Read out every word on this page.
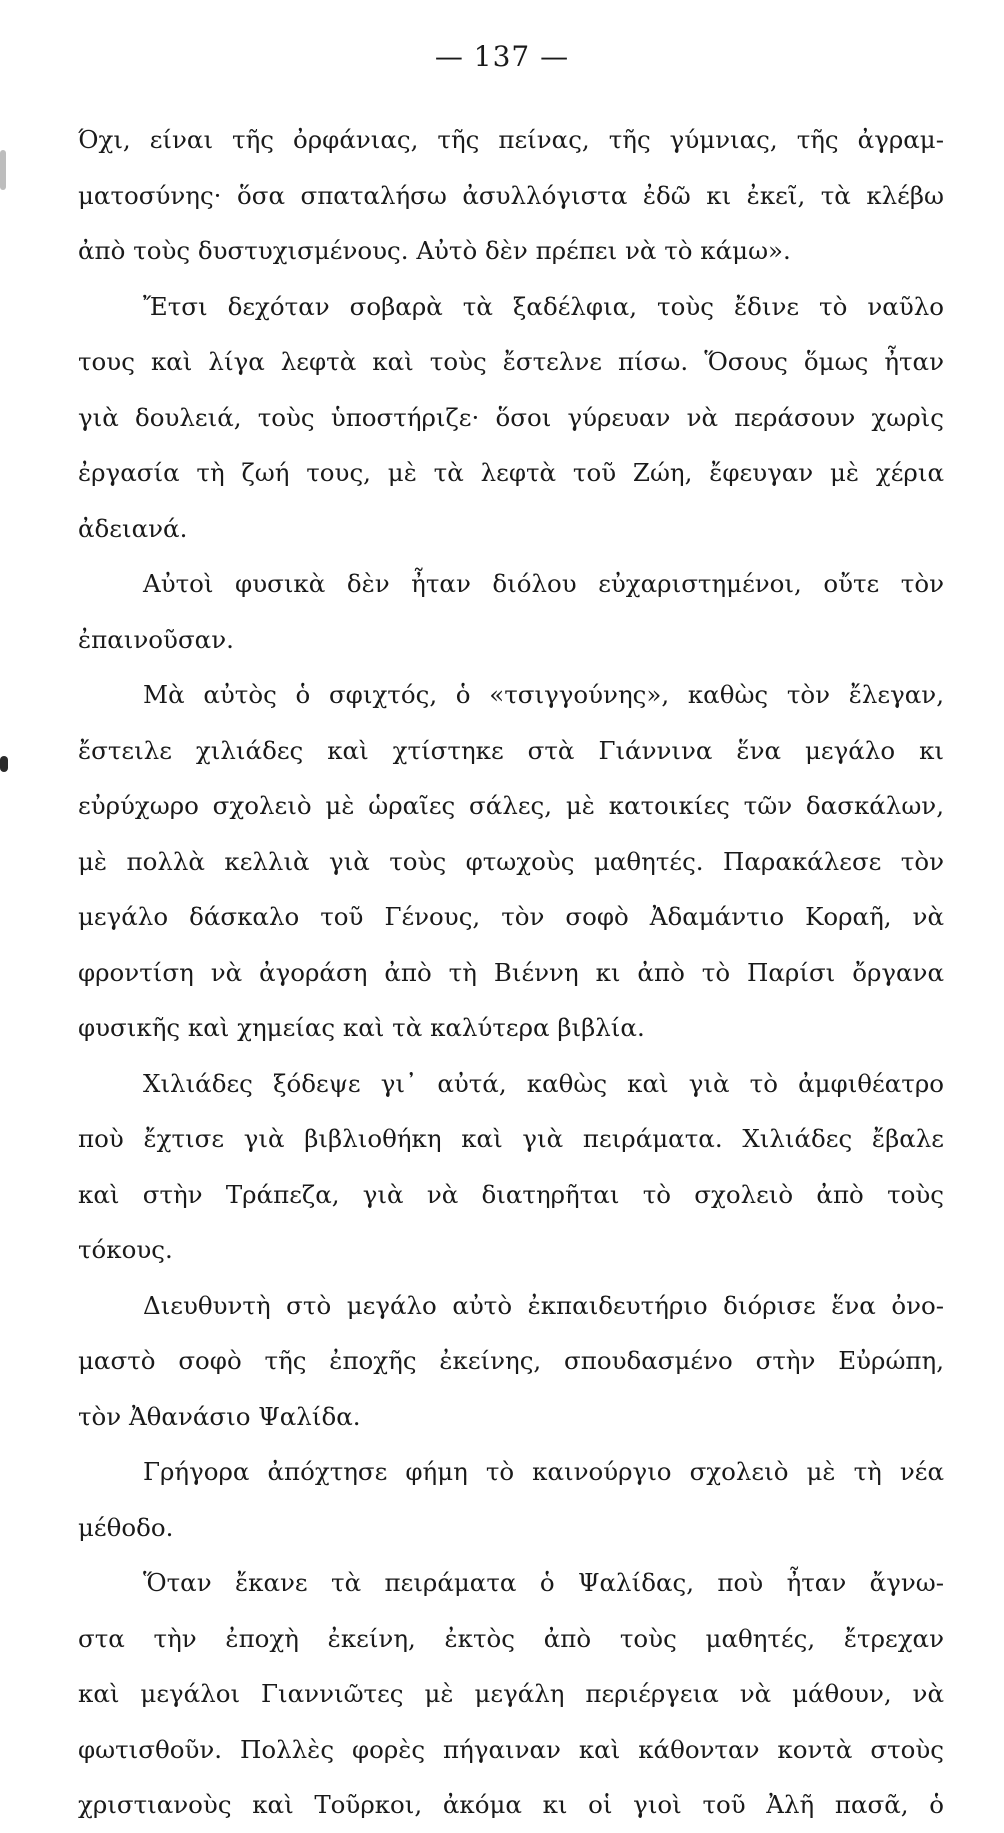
— 137 —
Όχι, είναι τῆς ὀρφάνιας, τῆς πείνας, τῆς γύμνιας, τῆς ἀγραμ-
ματοσύνης· ὅσα σπαταλήσω ἀσυλλόγιστα ἐδῶ κι ἐκεῖ, τὰ κλέβω
ἀπὸ τοὺς δυστυχισμένους. Αὐτὸ δὲν πρέπει νὰ τὸ κάμω».
Ἔτσι δεχόταν σοβαρὰ τὰ ξαδέλφια, τοὺς ἔδινε τὸ ναῦλο
τους καὶ λίγα λεφτὰ καὶ τοὺς ἔστελνε πίσω. Ὅσους ὅμως ἦταν
γιὰ δουλειά, τοὺς ὑποστήριζε· ὅσοι γύρευαν νὰ περάσουν χωρὶς
ἐργασία τὴ ζωή τους, μὲ τὰ λεφτὰ τοῦ Ζώη, ἔφευγαν μὲ χέρια
ἀδειανά.
Αὐτοὶ φυσικὰ δὲν ἦταν διόλου εὐχαριστημένοι, οὔτε τὸν
ἐπαινοῦσαν.
Μὰ αὐτὸς ὁ σφιχτός, ὁ «τσιγγούνης», καθὼς τὸν ἔλεγαν,
ἔστειλε χιλιάδες καὶ χτίστηκε στὰ Γιάννινα ἕνα μεγάλο κι
εὐρύχωρο σχολειὸ μὲ ὡραῖες σάλες, μὲ κατοικίες τῶν δασκάλων,
μὲ πολλὰ κελλιὰ γιὰ τοὺς φτωχοὺς μαθητές. Παρακάλεσε τὸν
μεγάλο δάσκαλο τοῦ Γένους, τὸν σοφὸ Ἀδαμάντιο Κοραῆ, νὰ
φροντίση νὰ ἀγοράση ἀπὸ τὴ Βιέννη κι ἀπὸ τὸ Παρίσι ὄργανα
φυσικῆς καὶ χημείας καὶ τὰ καλύτερα βιβλία.
Χιλιάδες ξόδεψε γι᾽ αὐτά, καθὼς καὶ γιὰ τὸ ἀμφιθέατρο
ποὺ ἔχτισε γιὰ βιβλιοθήκη καὶ γιὰ πειράματα. Χιλιάδες ἔβαλε
καὶ στὴν Τράπεζα, γιὰ νὰ διατηρῆται τὸ σχολειὸ ἀπὸ τοὺς
τόκους.
Διευθυντὴ στὸ μεγάλο αὐτὸ ἐκπαιδευτήριο διόρισε ἕνα ὀνο-
μαστὸ σοφὸ τῆς ἐποχῆς ἐκείνης, σπουδασμένο στὴν Εὐρώπη,
τὸν Ἀθανάσιο Ψαλίδα.
Γρήγορα ἀπόχτησε φήμη τὸ καινούργιο σχολειὸ μὲ τὴ νέα
μέθοδο.
Ὅταν ἔκανε τὰ πειράματα ὁ Ψαλίδας, ποὺ ἦταν ἄγνω-
στα τὴν ἐποχὴ ἐκείνη, ἐκτὸς ἀπὸ τοὺς μαθητές, ἔτρεχαν
καὶ μεγάλοι Γιαννιῶτες μὲ μεγάλη περιέργεια νὰ μάθουν, νὰ
φωτισθοῦν. Πολλὲς φορὲς πήγαιναν καὶ κάθονταν κοντὰ στοὺς
χριστιανοὺς καὶ Τοῦρκοι, ἀκόμα κι οἱ γιοὶ τοῦ Ἀλῆ πασᾶ, ὁ
